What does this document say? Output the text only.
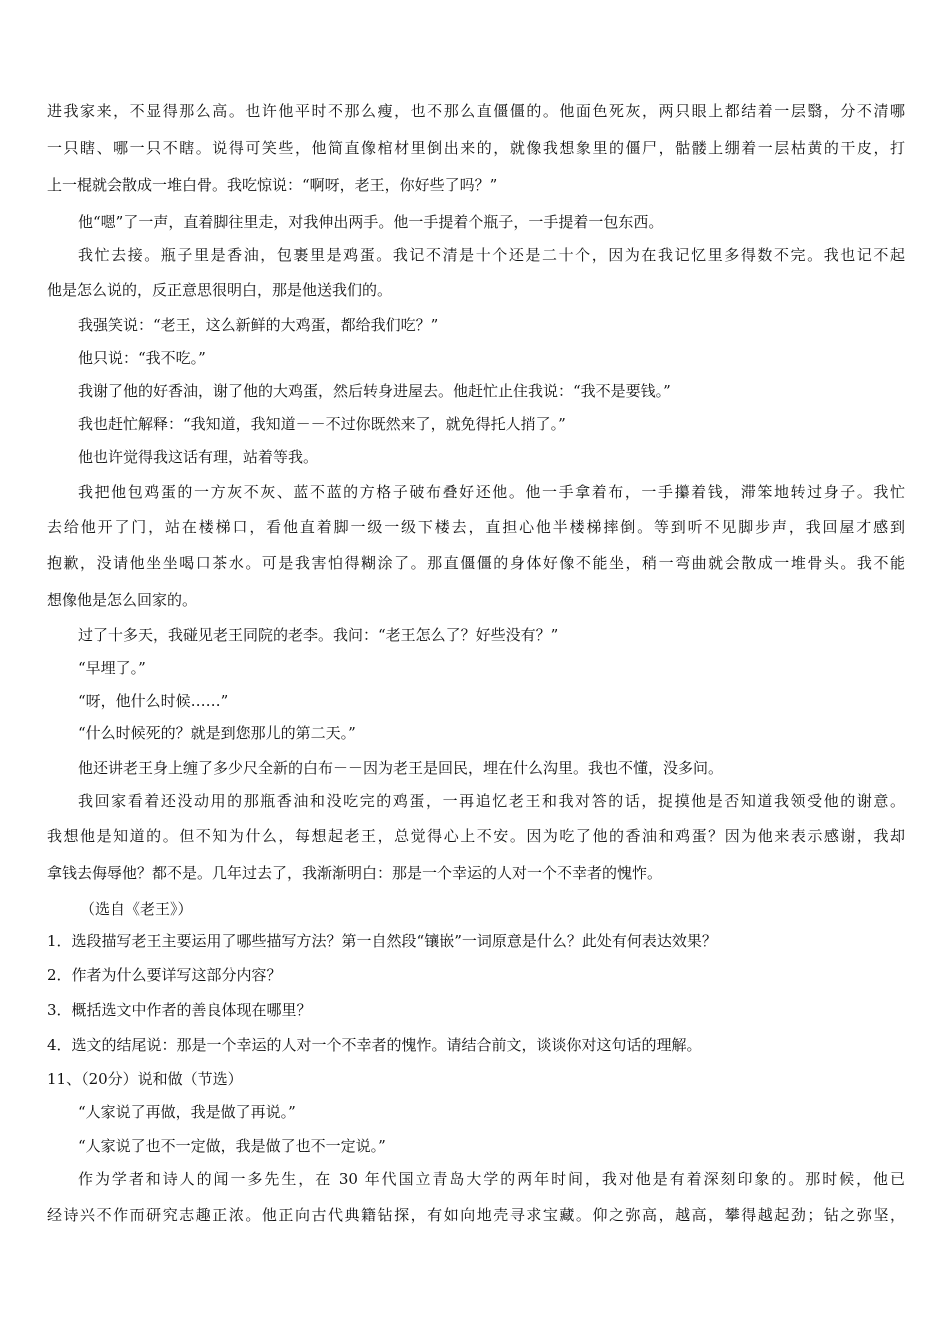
进我家来，不显得那么高。也许他平时不那么瘦，也不那么直僵僵的。他面色死灰，两只眼上都结着一层翳，分不清哪
一只瞎、哪一只不瞎。说得可笑些，他简直像棺材里倒出来的，就像我想象里的僵尸，骷髅上绷着一层枯黄的干皮，打
上一棍就会散成一堆白骨。我吃惊说：“啊呀，老王，你好些了吗？”
他“嗯”了一声，直着脚往里走，对我伸出两手。他一手提着个瓶子，一手提着一包东西。
我忙去接。瓶子里是香油，包裹里是鸡蛋。我记不清是十个还是二十个，因为在我记忆里多得数不完。我也记不起
他是怎么说的，反正意思很明白，那是他送我们的。
我强笑说：“老王，这么新鲜的大鸡蛋，都给我们吃？”
他只说：“我不吃。”
我谢了他的好香油，谢了他的大鸡蛋，然后转身进屋去。他赶忙止住我说：“我不是要钱。”
我也赶忙解释：“我知道，我知道－－不过你既然来了，就免得托人捎了。”
他也许觉得我这话有理，站着等我。
我把他包鸡蛋的一方灰不灰、蓝不蓝的方格子破布叠好还他。他一手拿着布，一手攥着钱，滞笨地转过身子。我忙
去给他开了门，站在楼梯口，看他直着脚一级一级下楼去，直担心他半楼梯摔倒。等到听不见脚步声，我回屋才感到
抱歉，没请他坐坐喝口茶水。可是我害怕得糊涂了。那直僵僵的身体好像不能坐，稍一弯曲就会散成一堆骨头。我不能
想像他是怎么回家的。
过了十多天，我碰见老王同院的老李。我问：“老王怎么了？好些没有？”
“早埋了。”
“呀，他什么时候……”
“什么时候死的？就是到您那儿的第二天。”
他还讲老王身上缠了多少尺全新的白布－－因为老王是回民，埋在什么沟里。我也不懂，没多问。
我回家看着还没动用的那瓶香油和没吃完的鸡蛋，一再追忆老王和我对答的话，捉摸他是否知道我领受他的谢意。
我想他是知道的。但不知为什么，每想起老王，总觉得心上不安。因为吃了他的香油和鸡蛋？因为他来表示感谢，我却
拿钱去侮辱他？都不是。几年过去了，我渐渐明白：那是一个幸运的人对一个不幸者的愧怍。
（选自《老王》）
1．选段描写老王主要运用了哪些描写方法？第一自然段“镶嵌”一词原意是什么？此处有何表达效果？
2．作者为什么要详写这部分内容？
3．概括选文中作者的善良体现在哪里？
4．选文的结尾说：那是一个幸运的人对一个不幸者的愧怍。请结合前文，谈谈你对这句话的理解。
11、（20分）说和做（节选）
“人家说了再做，我是做了再说。”
“人家说了也不一定做，我是做了也不一定说。”
作为学者和诗人的闻一多先生，在 30 年代国立青岛大学的两年时间，我对他是有着深刻印象的。那时候，他已
经诗兴不作而研究志趣正浓。他正向古代典籍钻探，有如向地壳寻求宝藏。仰之弥高，越高，攀得越起劲；钻之弥坚，
